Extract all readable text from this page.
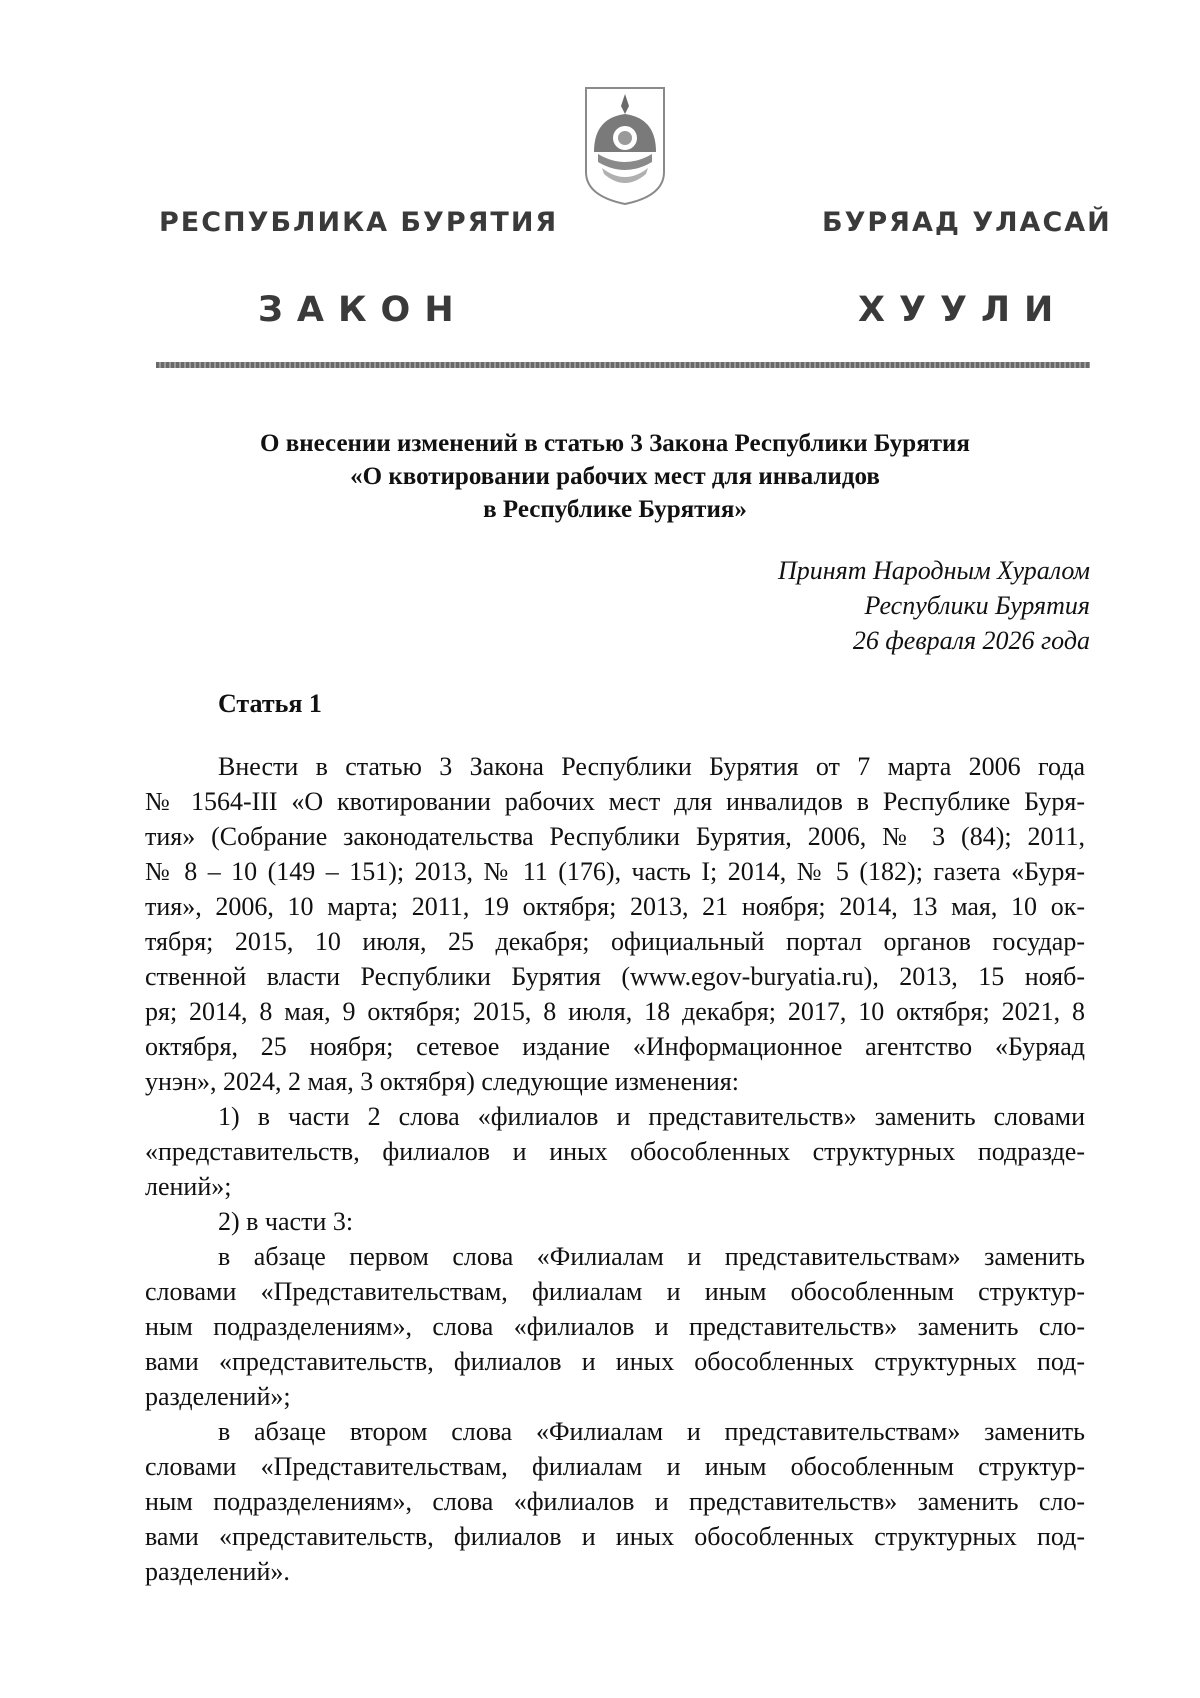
РЕСПУБЛИКА БУРЯТИЯ	БУРЯАД УЛАСАЙ
ЗАКОН	ХУУЛИ
О внесении изменений в статью 3 Закона Республики Бурятия
«О квотировании рабочих мест для инвалидов
в Республике Бурятия»
Принят Народным Хуралом
Республики Бурятия
26 февраля 2026 года
Статья 1
Внести в статью 3 Закона Республики Бурятия от 7 марта 2006 года
№ 1564-III «О квотировании рабочих мест для инвалидов в Республике Буря-
тия» (Собрание законодательства Республики Бурятия, 2006, № 3 (84); 2011,
№ 8 – 10 (149 – 151); 2013, № 11 (176), часть I; 2014, № 5 (182); газета «Буря-
тия», 2006, 10 марта; 2011, 19 октября; 2013, 21 ноября; 2014, 13 мая, 10 ок-
тября; 2015, 10 июля, 25 декабря; официальный портал органов государ-
ственной власти Республики Бурятия (www.egov-buryatia.ru), 2013, 15 нояб-
ря; 2014, 8 мая, 9 октября; 2015, 8 июля, 18 декабря; 2017, 10 октября; 2021, 8
октября, 25 ноября; сетевое издание «Информационное агентство «Буряад
унэн», 2024, 2 мая, 3 октября) следующие изменения:
1) в части 2 слова «филиалов и представительств» заменить словами
«представительств, филиалов и иных обособленных структурных подразде-
лений»;
2) в части 3:
в абзаце первом слова «Филиалам и представительствам» заменить
словами «Представительствам, филиалам и иным обособленным структур-
ным подразделениям», слова «филиалов и представительств» заменить сло-
вами «представительств, филиалов и иных обособленных структурных под-
разделений»;
в абзаце втором слова «Филиалам и представительствам» заменить
словами «Представительствам, филиалам и иным обособленным структур-
ным подразделениям», слова «филиалов и представительств» заменить сло-
вами «представительств, филиалов и иных обособленных структурных под-
разделений».
